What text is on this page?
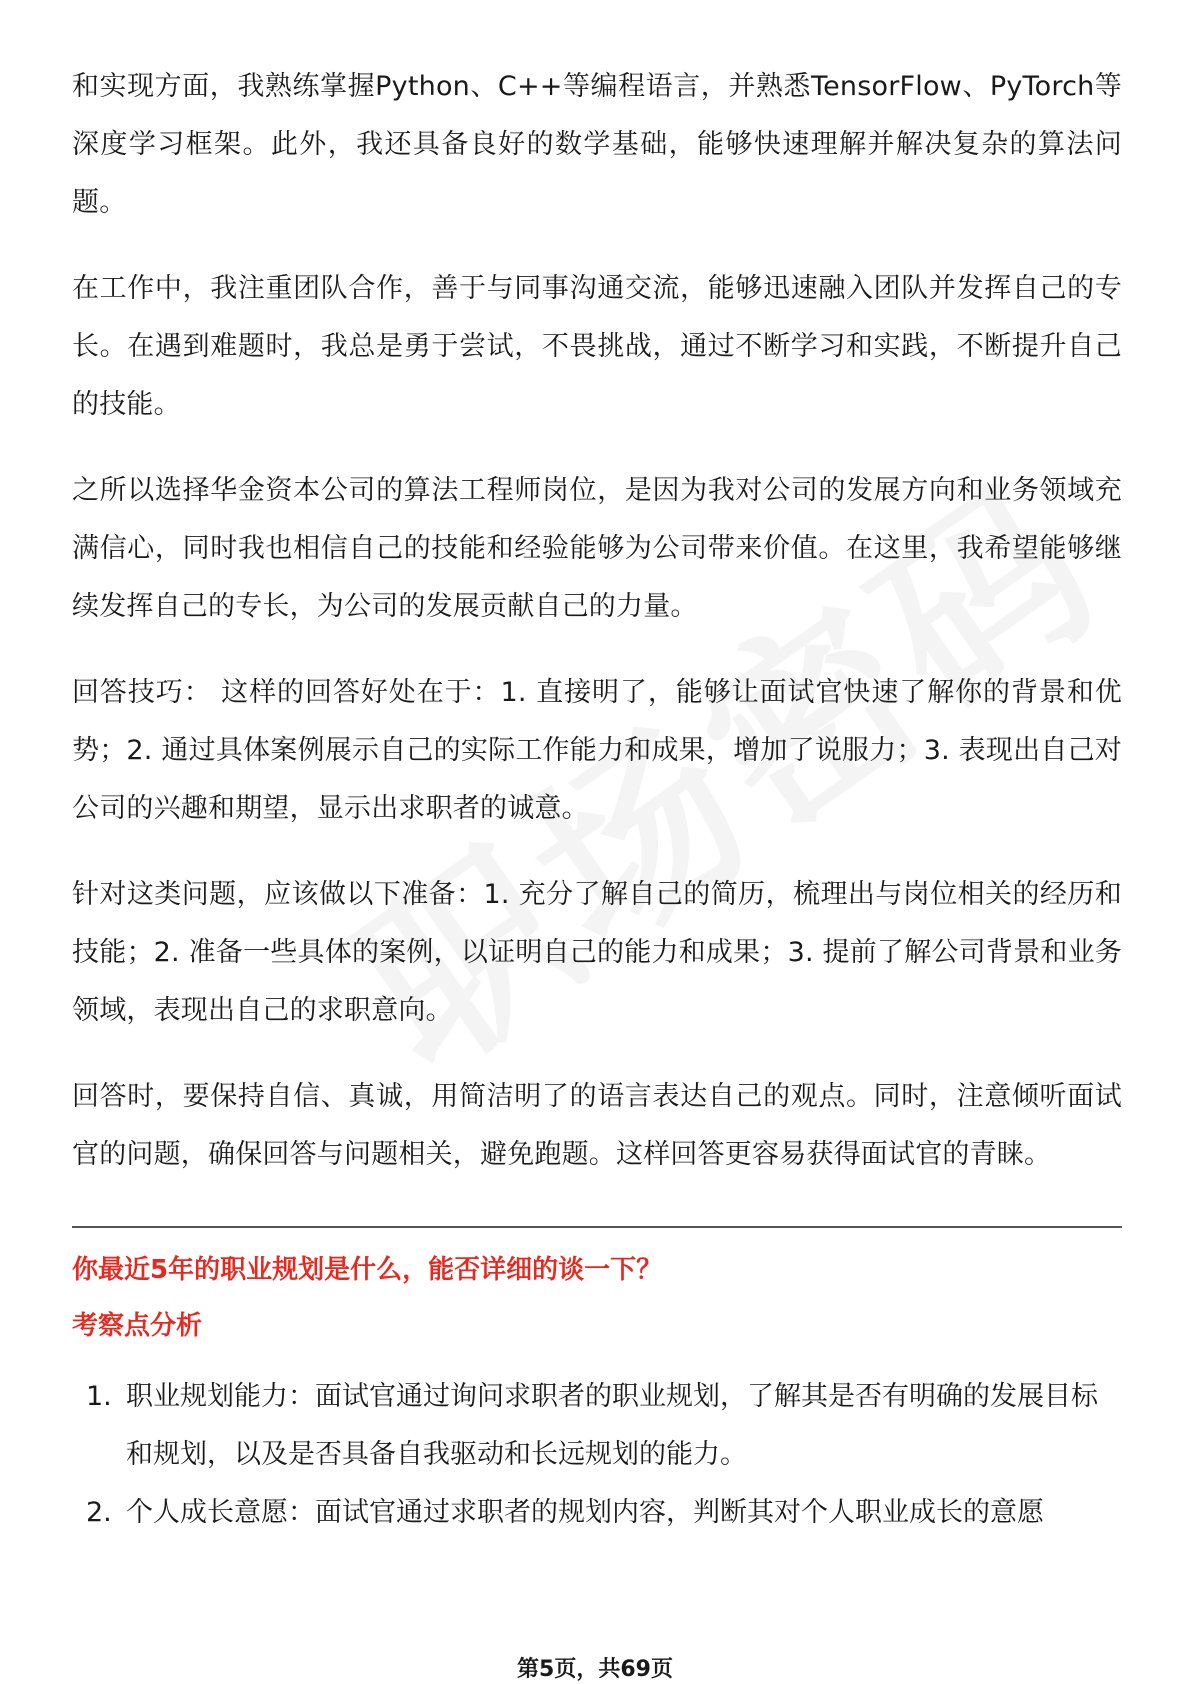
和实现方面，我熟练掌握Python、C++等编程语言，并熟悉TensorFlow、PyTorch等深度学习框架。此外，我还具备良好的数学基础，能够快速理解并解决复杂的算法问题。

在工作中，我注重团队合作，善于与同事沟通交流，能够迅速融入团队并发挥自己的专长。在遇到难题时，我总是勇于尝试，不畏挑战，通过不断学习和实践，不断提升自己的技能。

之所以选择华金资本公司的算法工程师岗位，是因为我对公司的发展方向和业务领域充满信心，同时我也相信自己的技能和经验能够为公司带来价值。在这里，我希望能够继续发挥自己的专长，为公司的发展贡献自己的力量。

回答技巧： 这样的回答好处在于：1. 直接明了，能够让面试官快速了解你的背景和优势；2. 通过具体案例展示自己的实际工作能力和成果，增加了说服力；3. 表现出自己对公司的兴趣和期望，显示出求职者的诚意。

针对这类问题，应该做以下准备：1. 充分了解自己的简历，梳理出与岗位相关的经历和技能；2. 准备一些具体的案例，以证明自己的能力和成果；3. 提前了解公司背景和业务领域，表现出自己的求职意向。

回答时，要保持自信、真诚，用简洁明了的语言表达自己的观点。同时，注意倾听面试官的问题，确保回答与问题相关，避免跑题。这样回答更容易获得面试官的青睐。

你最近5年的职业规划是什么，能否详细的谈一下？

考察点分析

1. 职业规划能力：面试官通过询问求职者的职业规划，了解其是否有明确的发展目标和规划，以及是否具备自我驱动和长远规划的能力。
2. 个人成长意愿：面试官通过求职者的规划内容，判断其对个人职业成长的意愿
第5页，共69页
